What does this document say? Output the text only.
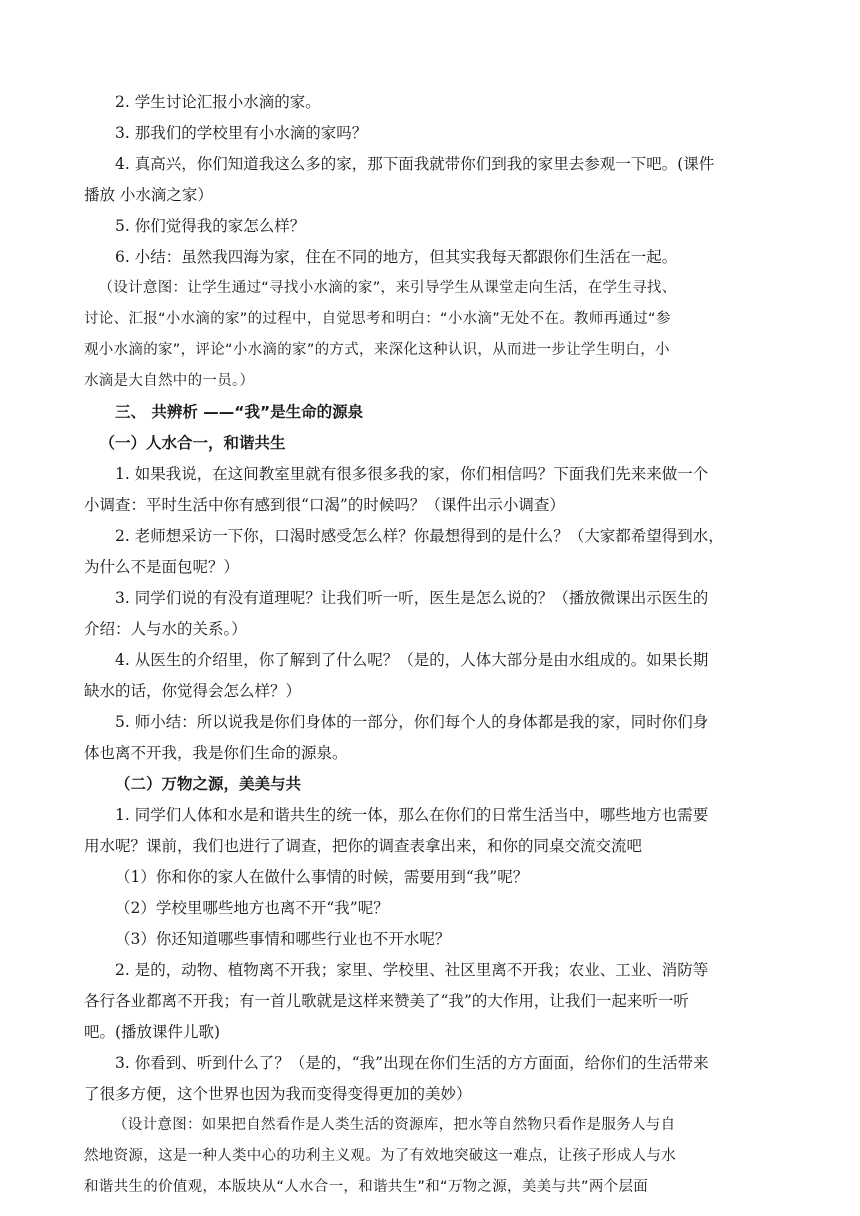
2. 学生讨论汇报小水滴的家。

3. 那我们的学校里有小水滴的家吗？

4. 真高兴，你们知道我这么多的家，那下面我就带你们到我的家里去参观一下吧。(课件

播放 小水滴之家）

5. 你们觉得我的家怎么样？

6. 小结：虽然我四海为家，住在不同的地方，但其实我每天都跟你们生活在一起。

（设计意图：让学生通过“寻找小水滴的家”，来引导学生从课堂走向生活，在学生寻找、

讨论、汇报“小水滴的家”的过程中，自觉思考和明白：“小水滴”无处不在。教师再通过“参

观小水滴的家”，评论“小水滴的家”的方式，来深化这种认识，从而进一步让学生明白，小

水滴是大自然中的一员。）

三、 共辨析 ——“我”是生命的源泉

（一）人水合一，和谐共生

1. 如果我说，在这间教室里就有很多很多我的家，你们相信吗？下面我们先来来做一个

小调查：平时生活中你有感到很“口渴”的时候吗？（课件出示小调查）

2. 老师想采访一下你，口渴时感受怎么样？你最想得到的是什么？（大家都希望得到水，

为什么不是面包呢？）

3. 同学们说的有没有道理呢？让我们听一听，医生是怎么说的？（播放微课出示医生的

介绍：人与水的关系。）

4. 从医生的介绍里，你了解到了什么呢？（是的，人体大部分是由水组成的。如果长期

缺水的话，你觉得会怎么样？）

5. 师小结：所以说我是你们身体的一部分，你们每个人的身体都是我的家，同时你们身

体也离不开我，我是你们生命的源泉。

（二）万物之源，美美与共

1. 同学们人体和水是和谐共生的统一体，那么在你们的日常生活当中，哪些地方也需要

用水呢？课前，我们也进行了调查，把你的调查表拿出来，和你的同桌交流交流吧

（1）你和你的家人在做什么事情的时候，需要用到“我”呢？

（2）学校里哪些地方也离不开“我”呢？

（3）你还知道哪些事情和哪些行业也不开水呢？

2. 是的，动物、植物离不开我；家里、学校里、社区里离不开我；农业、工业、消防等

各行各业都离不开我；有一首儿歌就是这样来赞美了“我”的大作用，让我们一起来听一听

吧。(播放课件儿歌)

3. 你看到、听到什么了？（是的，“我”出现在你们生活的方方面面，给你们的生活带来

了很多方便，这个世界也因为我而变得变得更加的美妙）

（设计意图：如果把自然看作是人类生活的资源库，把水等自然物只看作是服务人与自

然地资源，这是一种人类中心的功利主义观。为了有效地突破这一难点，让孩子形成人与水

和谐共生的价值观，本版块从“人水合一，和谐共生”和“万物之源，美美与共”两个层面
